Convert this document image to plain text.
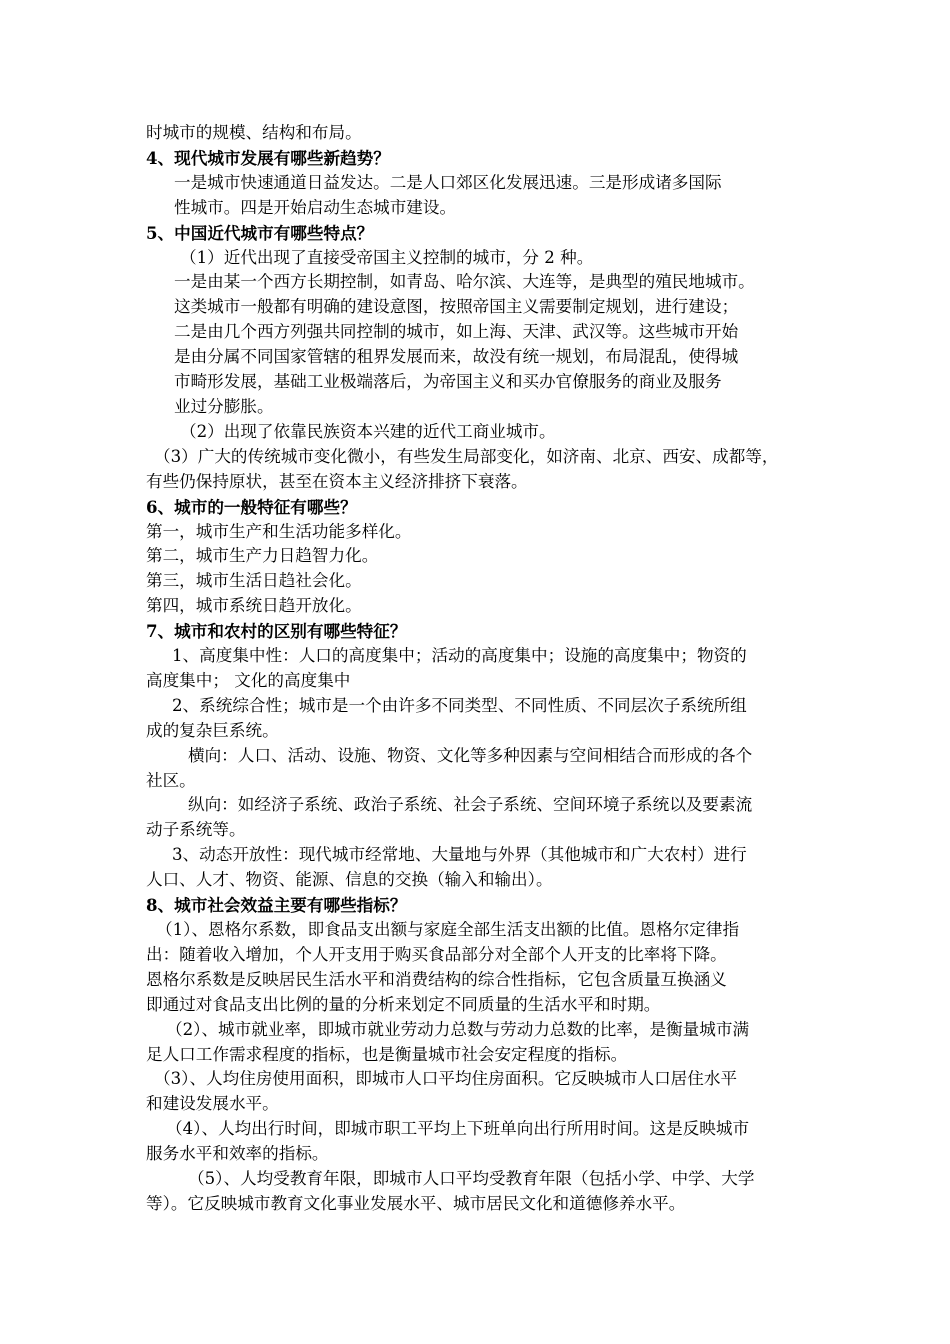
时城市的规模、结构和布局。
4、现代城市发展有哪些新趋势？
一是城市快速通道日益发达。二是人口郊区化发展迅速。三是形成诸多国际
性城市。四是开始启动生态城市建设。
5、中国近代城市有哪些特点？
（1）近代出现了直接受帝国主义控制的城市，分 2 种。
一是由某一个西方长期控制，如青岛、哈尔滨、大连等，是典型的殖民地城市。
这类城市一般都有明确的建设意图，按照帝国主义需要制定规划，进行建设；
二是由几个西方列强共同控制的城市，如上海、天津、武汉等。这些城市开始
是由分属不同国家管辖的租界发展而来，故没有统一规划，布局混乱，使得城
市畸形发展，基础工业极端落后，为帝国主义和买办官僚服务的商业及服务
业过分膨胀。
（2）出现了依靠民族资本兴建的近代工商业城市。
（3）广大的传统城市变化微小，有些发生局部变化，如济南、北京、西安、成都等，
有些仍保持原状，甚至在资本主义经济排挤下衰落。
6、城市的一般特征有哪些？
第一，城市生产和生活功能多样化。
第二，城市生产力日趋智力化。
第三，城市生活日趋社会化。
第四，城市系统日趋开放化。
7、城市和农村的区别有哪些特征？
1、高度集中性：人口的高度集中；活动的高度集中；设施的高度集中；物资的
高度集中； 文化的高度集中
2、系统综合性；城市是一个由许多不同类型、不同性质、不同层次子系统所组
成的复杂巨系统。
横向：人口、活动、设施、物资、文化等多种因素与空间相结合而形成的各个
社区。
纵向：如经济子系统、政治子系统、社会子系统、空间环境子系统以及要素流
动子系统等。
3、动态开放性：现代城市经常地、大量地与外界（其他城市和广大农村）进行
人口、人才、物资、能源、信息的交换（输入和输出）。
8、城市社会效益主要有哪些指标？
（1）、恩格尔系数，即食品支出额与家庭全部生活支出额的比值。恩格尔定律指
出：随着收入增加，个人开支用于购买食品部分对全部个人开支的比率将下降。
恩格尔系数是反映居民生活水平和消费结构的综合性指标，它包含质量互换涵义
即通过对食品支出比例的量的分析来划定不同质量的生活水平和时期。
（2）、城市就业率，即城市就业劳动力总数与劳动力总数的比率，是衡量城市满
足人口工作需求程度的指标，也是衡量城市社会安定程度的指标。
（3）、人均住房使用面积，即城市人口平均住房面积。它反映城市人口居住水平
和建设发展水平。
（4）、人均出行时间，即城市职工平均上下班单向出行所用时间。这是反映城市
服务水平和效率的指标。
（5）、人均受教育年限，即城市人口平均受教育年限（包括小学、中学、大学
等）。它反映城市教育文化事业发展水平、城市居民文化和道德修养水平。
